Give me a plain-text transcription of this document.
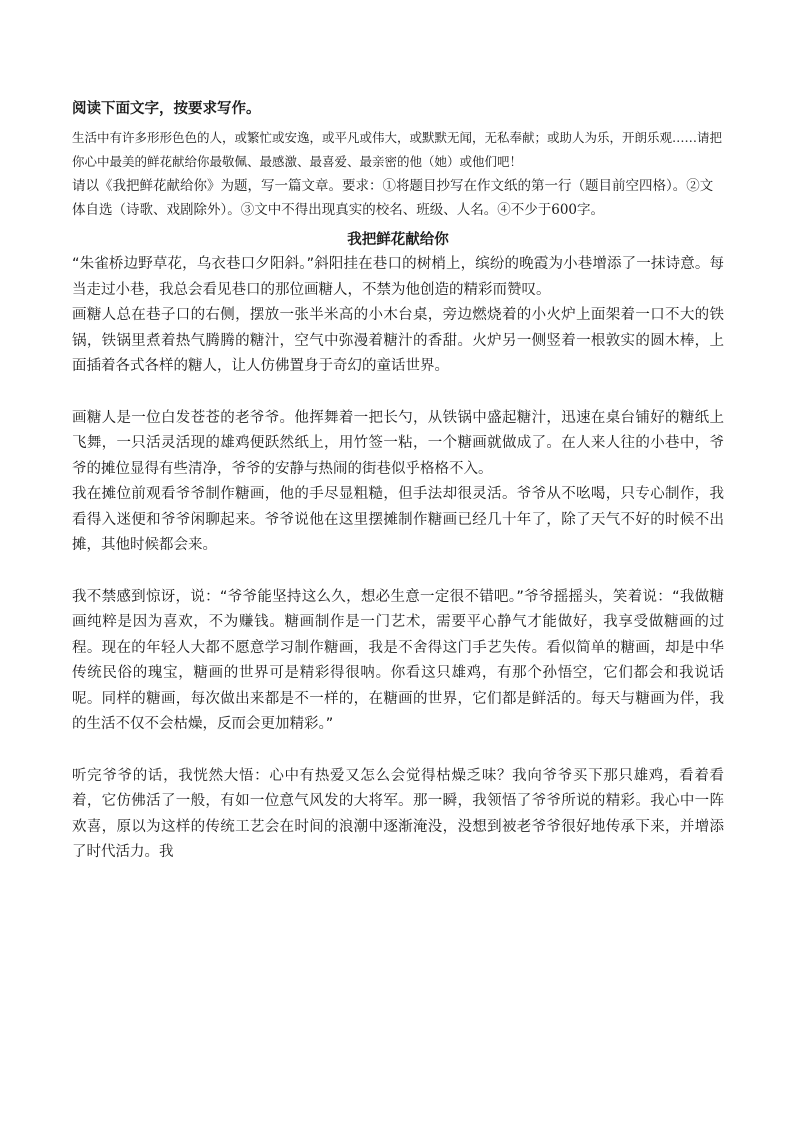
阅读下面文字，按要求写作。

生活中有许多形形色色的人，或繁忙或安逸，或平凡或伟大，或默默无闻，无私奉献；或助人为乐，开朗乐观……请把你心中最美的鲜花献给你最敬佩、最感激、最喜爱、最亲密的他（她）或他们吧！

请以《我把鲜花献给你》为题，写一篇文章。要求：①将题目抄写在作文纸的第一行（题目前空四格）。②文体自选（诗歌、戏剧除外）。③文中不得出现真实的校名、班级、人名。④不少于600字。

我把鲜花献给你

“朱雀桥边野草花，乌衣巷口夕阳斜。”斜阳挂在巷口的树梢上，缤纷的晚霞为小巷增添了一抹诗意。每当走过小巷，我总会看见巷口的那位画糖人，不禁为他创造的精彩而赞叹。

画糖人总在巷子口的右侧，摆放一张半米高的小木台桌，旁边燃烧着的小火炉上面架着一口不大的铁锅，铁锅里煮着热气腾腾的糖汁，空气中弥漫着糖汁的香甜。火炉另一侧竖着一根敦实的圆木棒，上面插着各式各样的糖人，让人仿佛置身于奇幻的童话世界。

画糖人是一位白发苍苍的老爷爷。他挥舞着一把长勺，从铁锅中盛起糖汁，迅速在桌台铺好的糖纸上飞舞，一只活灵活现的雄鸡便跃然纸上，用竹签一粘，一个糖画就做成了。在人来人往的小巷中，爷爷的摊位显得有些清净，爷爷的安静与热闹的街巷似乎格格不入。

我在摊位前观看爷爷制作糖画，他的手尽显粗糙，但手法却很灵活。爷爷从不吆喝，只专心制作，我看得入迷便和爷爷闲聊起来。爷爷说他在这里摆摊制作糖画已经几十年了，除了天气不好的时候不出摊，其他时候都会来。

我不禁感到惊讶，说：“爷爷能坚持这么久，想必生意一定很不错吧。”爷爷摇摇头，笑着说：“我做糖画纯粹是因为喜欢，不为赚钱。糖画制作是一门艺术，需要平心静气才能做好，我享受做糖画的过程。现在的年轻人大都不愿意学习制作糖画，我是不舍得这门手艺失传。看似简单的糖画，却是中华传统民俗的瑰宝，糖画的世界可是精彩得很呐。你看这只雄鸡，有那个孙悟空，它们都会和我说话呢。同样的糖画，每次做出来都是不一样的，在糖画的世界，它们都是鲜活的。每天与糖画为伴，我的生活不仅不会枯燥，反而会更加精彩。”

听完爷爷的话，我恍然大悟：心中有热爱又怎么会觉得枯燥乏味？我向爷爷买下那只雄鸡，看着看着，它仿佛活了一般，有如一位意气风发的大将军。那一瞬，我领悟了爷爷所说的精彩。我心中一阵欢喜，原以为这样的传统工艺会在时间的浪潮中逐渐淹没，没想到被老爷爷很好地传承下来，并增添了时代活力。我
